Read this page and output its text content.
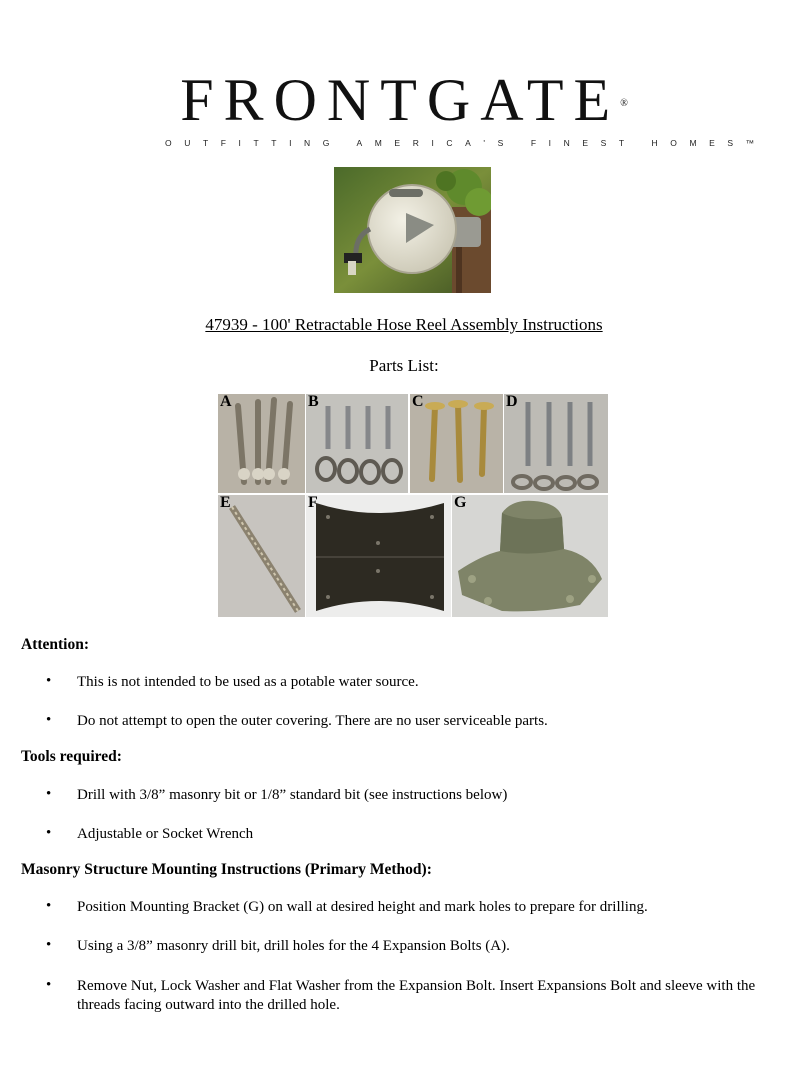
FRONTGATE®
OUTFITTING AMERICA'S FINEST HOMES™
47939 - 100' Retractable Hose Reel Assembly Instructions
Parts List:
A	B	C	D
E	F	G
Attention:
• This is not intended to be used as a potable water source.
• Do not attempt to open the outer covering. There are no user serviceable parts.
Tools required:
• Drill with 3/8” masonry bit or 1/8” standard bit (see instructions below)
• Adjustable or Socket Wrench
Masonry Structure Mounting Instructions (Primary Method):
• Position Mounting Bracket (G) on wall at desired height and mark holes to prepare for drilling.
• Using a 3/8” masonry drill bit, drill holes for the 4 Expansion Bolts (A).
• Remove Nut, Lock Washer and Flat Washer from the Expansion Bolt. Insert Expansions Bolt and sleeve with the threads facing outward into the drilled hole.
